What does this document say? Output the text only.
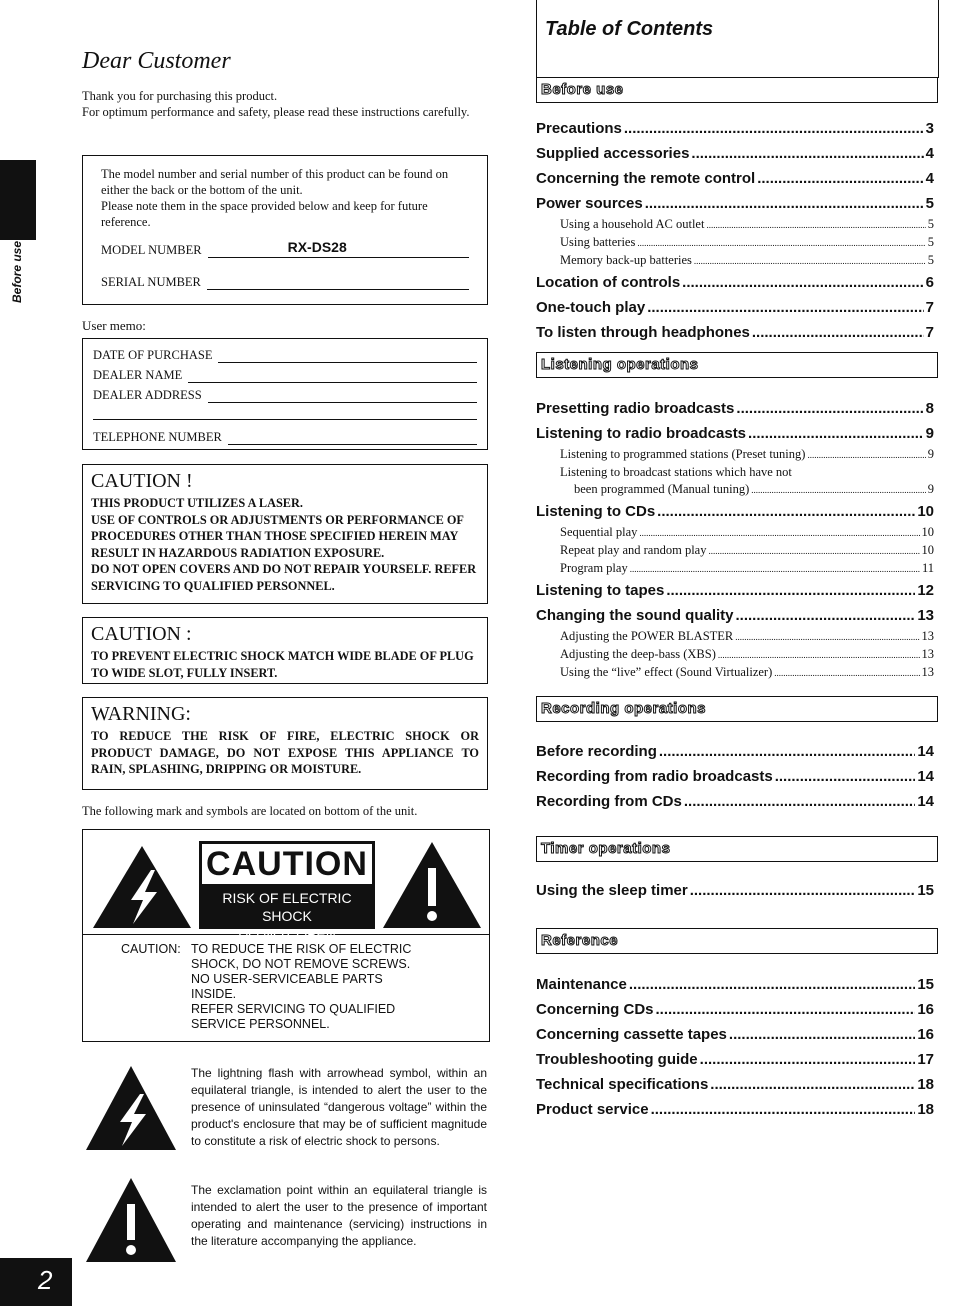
Before use
2
Dear Customer
Thank you for purchasing this product.
For optimum performance and safety, please read these instructions carefully.
The model number and serial number of this product can be found on either the back or the bottom of the unit.
Please note them in the space provided below and keep for future reference.
MODEL NUMBER	RX-DS28
SERIAL NUMBER
User memo:
DATE OF PURCHASE
DEALER NAME
DEALER ADDRESS
TELEPHONE NUMBER
CAUTION !

THIS PRODUCT UTILIZES A LASER.

USE OF CONTROLS OR ADJUSTMENTS OR PERFORMANCE OF PROCEDURES OTHER THAN THOSE SPECIFIED HEREIN MAY RESULT IN HAZARDOUS RADIATION EXPOSURE.

DO NOT OPEN COVERS AND DO NOT REPAIR YOURSELF. REFER SERVICING TO QUALIFIED PERSONNEL.

CAUTION :

TO PREVENT ELECTRIC SHOCK MATCH WIDE BLADE OF PLUG TO WIDE SLOT, FULLY INSERT.

WARNING:

TO REDUCE THE RISK OF FIRE, ELECTRIC SHOCK OR PRODUCT DAMAGE, DO NOT EXPOSE THIS APPLIANCE TO RAIN, SPLASHING, DRIPPING OR MOISTURE.

The following mark and symbols are located on bottom of the unit.
CAUTION
RISK OF ELECTRIC SHOCK
DO NOT OPEN
CAUTION: TO REDUCE THE RISK OF ELECTRIC
SHOCK, DO NOT REMOVE SCREWS.
NO USER-SERVICEABLE PARTS
INSIDE.
REFER SERVICING TO QUALIFIED
SERVICE PERSONNEL.
The lightning flash with arrowhead symbol, within an equilateral triangle, is intended to alert the user to the presence of uninsulated “dangerous voltage” within the product's enclosure that may be of sufficient magnitude to constitute a risk of electric shock to persons.
The exclamation point within an equilateral triangle is intended to alert the user to the presence of important operating and maintenance (servicing) instructions in the literature accompanying the appliance.
Table of Contents
Before use
Precautions .....	3
Supplied accessories .....	4
Concerning the remote control .....	4
Power sources .....	5
Using a household AC outlet .....	5
Using batteries .....	5
Memory back-up batteries .....	5
Location of controls .....	6
One-touch play .....	7
To listen through headphones .....	7
Listening operations
Presetting radio broadcasts .....	8
Listening to radio broadcasts .....	9
Listening to programmed stations (Preset tuning) .....	9
Listening to broadcast stations which have not
been programmed (Manual tuning) .....	9
Listening to CDs .....	10
Sequential play .....	10
Repeat play and random play .....	10
Program play .....	11
Listening to tapes .....	12
Changing the sound quality .....	13
Adjusting the POWER BLASTER .....	13
Adjusting the deep-bass (XBS) .....	13
Using the “live” effect (Sound Virtualizer) .....	13
Recording operations
Before recording .....	14
Recording from radio broadcasts .....	14
Recording from CDs .....	14
Timer operations
Using the sleep timer .....	15
Reference
Maintenance .....	15
Concerning CDs .....	16
Concerning cassette tapes .....	16
Troubleshooting guide .....	17
Technical specifications .....	18
Product service .....	18
